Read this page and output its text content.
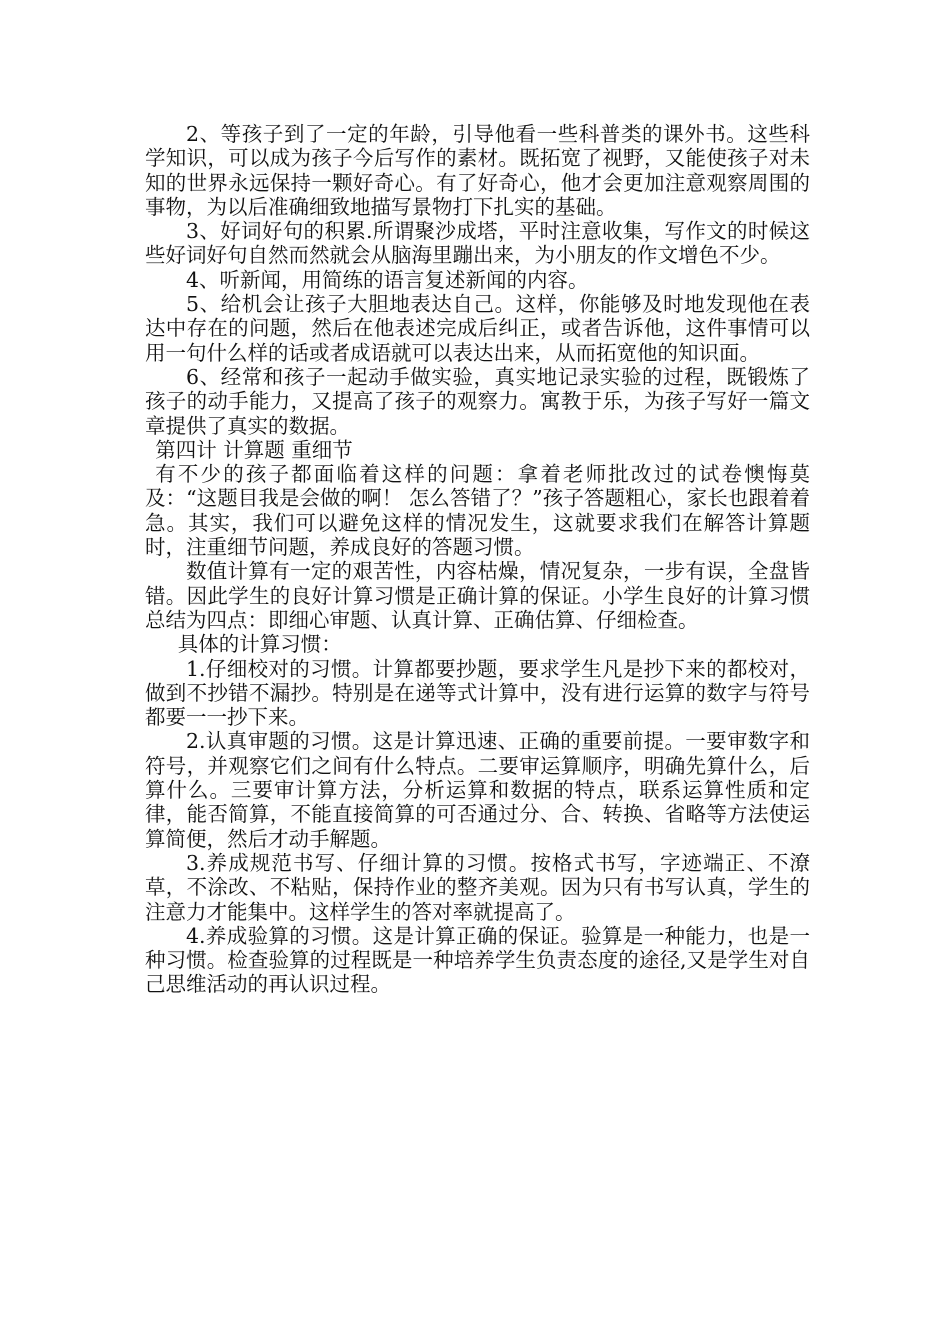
2、等孩子到了一定的年龄，引导他看一些科普类的课外书。这些科学知识，可以成为孩子今后写作的素材。既拓宽了视野，又能使孩子对未知的世界永远保持一颗好奇心。有了好奇心，他才会更加注意观察周围的事物，为以后准确细致地描写景物打下扎实的基础。

3、好词好句的积累.所谓聚沙成塔，平时注意收集，写作文的时候这些好词好句自然而然就会从脑海里蹦出来，为小朋友的作文增色不少。

4、听新闻，用简练的语言复述新闻的内容。

5、给机会让孩子大胆地表达自己。这样，你能够及时地发现他在表达中存在的问题，然后在他表述完成后纠正，或者告诉他，这件事情可以用一句什么样的话或者成语就可以表达出来，从而拓宽他的知识面。

6、经常和孩子一起动手做实验，真实地记录实验的过程，既锻炼了孩子的动手能力，又提高了孩子的观察力。寓教于乐，为孩子写好一篇文章提供了真实的数据。

第四计 计算题 重细节

有不少的孩子都面临着这样的问题：拿着老师批改过的试卷懊悔莫及：“这题目我是会做的啊！ 怎么答错了？”孩子答题粗心，家长也跟着着急。其实，我们可以避免这样的情况发生，这就要求我们在解答计算题时，注重细节问题，养成良好的答题习惯。

数值计算有一定的艰苦性，内容枯燥，情况复杂，一步有误，全盘皆错。因此学生的良好计算习惯是正确计算的保证。小学生良好的计算习惯总结为四点：即细心审题、认真计算、正确估算、仔细检查。

具体的计算习惯：

1.仔细校对的习惯。计算都要抄题，要求学生凡是抄下来的都校对，做到不抄错不漏抄。特别是在递等式计算中，没有进行运算的数字与符号都要一一抄下来。

2.认真审题的习惯。这是计算迅速、正确的重要前提。一要审数字和符号，并观察它们之间有什么特点。二要审运算顺序，明确先算什么，后算什么。三要审计算方法，分析运算和数据的特点，联系运算性质和定律，能否简算，不能直接简算的可否通过分、合、转换、省略等方法使运算简便，然后才动手解题。

3.养成规范书写、仔细计算的习惯。按格式书写，字迹端正、不潦草，不涂改、不粘贴，保持作业的整齐美观。因为只有书写认真，学生的注意力才能集中。这样学生的答对率就提高了。

4.养成验算的习惯。这是计算正确的保证。验算是一种能力，也是一种习惯。检查验算的过程既是一种培养学生负责态度的途径,又是学生对自己思维活动的再认识过程。
